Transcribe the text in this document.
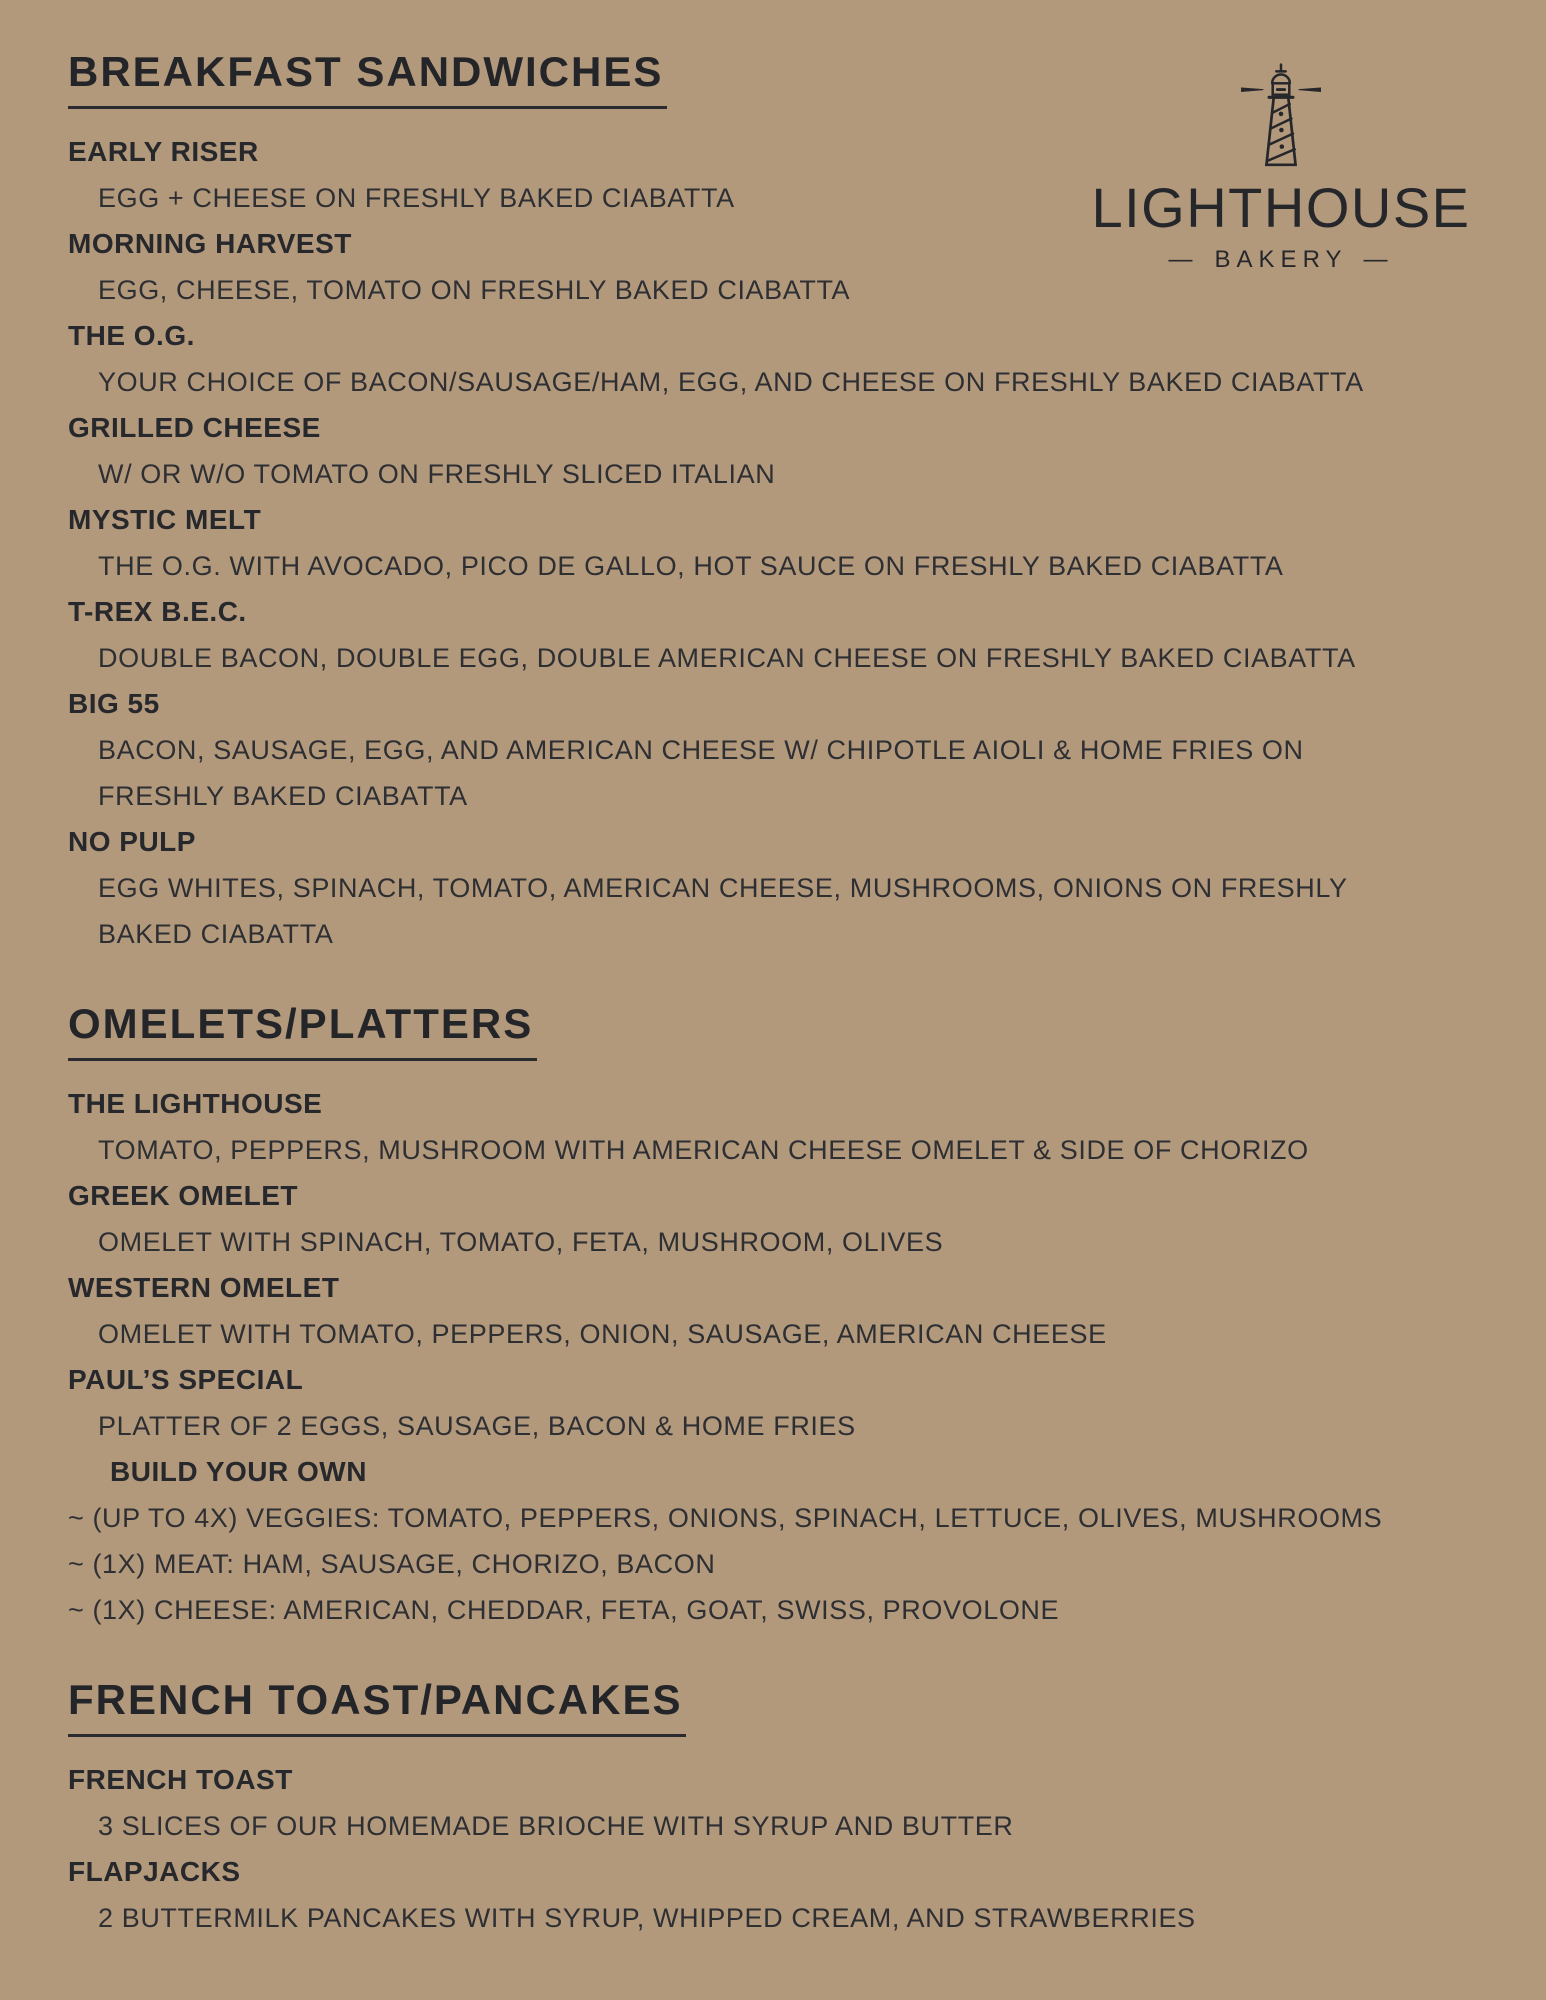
BREAKFAST SANDWICHES
EARLY RISER
EGG + CHEESE ON FRESHLY BAKED CIABATTA
MORNING HARVEST
EGG, CHEESE, TOMATO ON FRESHLY BAKED CIABATTA
THE O.G.
YOUR CHOICE OF BACON/SAUSAGE/HAM, EGG, AND CHEESE ON FRESHLY BAKED CIABATTA
GRILLED CHEESE
W/ OR W/O TOMATO ON FRESHLY SLICED ITALIAN
MYSTIC MELT
THE O.G. WITH AVOCADO, PICO DE GALLO, HOT SAUCE ON FRESHLY BAKED CIABATTA
T-REX B.E.C.
DOUBLE BACON, DOUBLE EGG, DOUBLE AMERICAN CHEESE ON FRESHLY BAKED CIABATTA
BIG 55
BACON, SAUSAGE, EGG, AND AMERICAN CHEESE W/ CHIPOTLE AIOLI & HOME FRIES ON
FRESHLY BAKED CIABATTA
NO PULP
EGG WHITES, SPINACH, TOMATO, AMERICAN CHEESE, MUSHROOMS, ONIONS ON FRESHLY
BAKED CIABATTA
OMELETS/PLATTERS
THE LIGHTHOUSE
TOMATO, PEPPERS, MUSHROOM WITH AMERICAN CHEESE OMELET & SIDE OF CHORIZO
GREEK OMELET
OMELET WITH SPINACH, TOMATO, FETA, MUSHROOM, OLIVES
WESTERN OMELET
OMELET WITH TOMATO, PEPPERS, ONION, SAUSAGE, AMERICAN CHEESE
PAUL’S SPECIAL
PLATTER OF 2 EGGS, SAUSAGE, BACON & HOME FRIES
BUILD YOUR OWN
~ (UP TO 4X) VEGGIES: TOMATO, PEPPERS, ONIONS, SPINACH, LETTUCE, OLIVES, MUSHROOMS
~ (1X) MEAT: HAM, SAUSAGE, CHORIZO, BACON
~ (1X) CHEESE: AMERICAN, CHEDDAR, FETA, GOAT, SWISS, PROVOLONE
FRENCH TOAST/PANCAKES
FRENCH TOAST
3 SLICES OF OUR HOMEMADE BRIOCHE WITH SYRUP AND BUTTER
FLAPJACKS
2 BUTTERMILK PANCAKES WITH SYRUP, WHIPPED CREAM, AND STRAWBERRIES
LIGHTHOUSE
— BAKERY —
